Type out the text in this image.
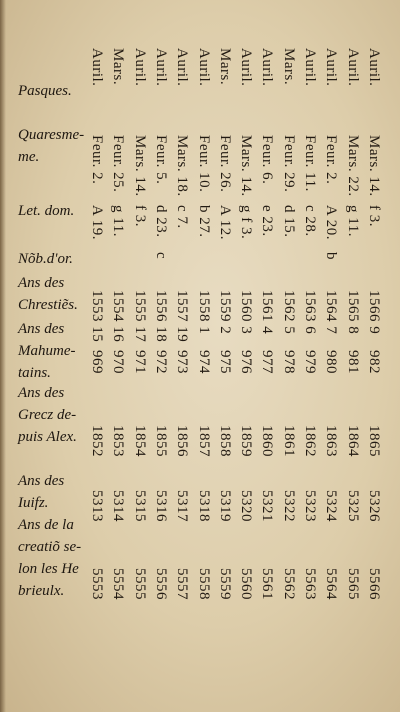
Pasques.
Quaresme-
me.
Let. dom.
Nõb.d'or.
Ans des
Chrestiẽs.
Ans des
Mahume-
tains.
Ans des
Grecz de-
puis Alex.
Ans des
Iuifz.
Ans de la
creatiõ se-
lon les He
brieulx.
Auril.
Feur. 2.
A 19.
1553 15
969
1852
5313
5553
Mars.
Feur. 25.
g 11.
1554 16
970
1853
5314
5554
Auril.
Mars. 14.
f 3.
1555 17
971
1854
5315
5555
Auril.
Feur. 5.
d 23.
c
1556 18
972
1855
5316
5556
Auril.
Mars. 18.
c 7.
1557 19
973
1856
5317
5557
Auril.
Feur. 10.
b 27.
1558 1
974
1857
5318
5558
Mars.
Feur. 26.
A 12.
1559 2
975
1858
5319
5559
Auril.
Mars. 14.
g f 3.
1560 3
976
1859
5320
5560
Auril.
Feur. 6.
e 23.
1561 4
977
1860
5321
5561
Mars.
Feur. 29.
d 15.
1562 5
978
1861
5322
5562
Auril.
Feur. 11.
c 28.
1563 6
979
1862
5323
5563
Auril.
Feur. 2.
A 20.
b
1564 7
980
1863
5324
5564
Auril.
Mars. 22.
g 11.
1565 8
981
1864
5325
5565
Auril.
Mars. 14.
f 3.
1566 9
982
1865
5326
5566
